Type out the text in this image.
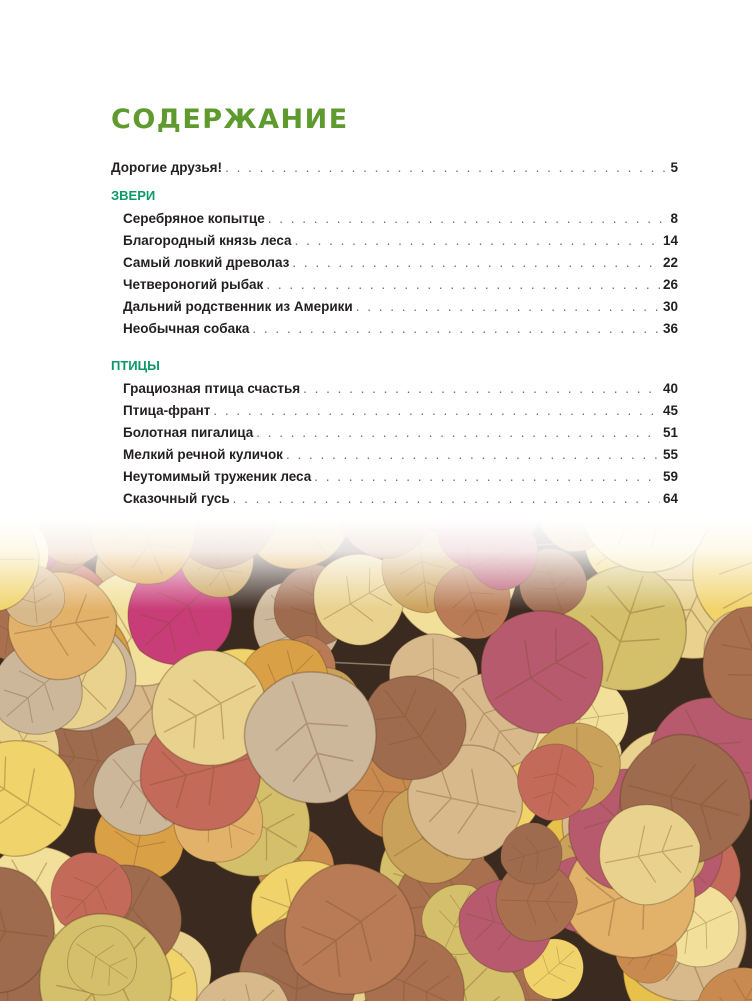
СОДЕРЖАНИЕ
Дорогие друзья! . . .	5
ЗВЕРИ
Серебряное копытце . . .	8
Благородный князь леса . . .	14
Самый ловкий древолаз . . .	22
Четвероногий рыбак . . .	26
Дальний родственник из Америки . . .	30
Необычная собака . . .	36
ПТИЦЫ
Грациозная птица счастья . . .	40
Птица-франт . . .	45
Болотная пигалица . . .	51
Мелкий речной куличок . . .	55
Неутомимый труженик леса . . .	59
Сказочный гусь . . .	64
